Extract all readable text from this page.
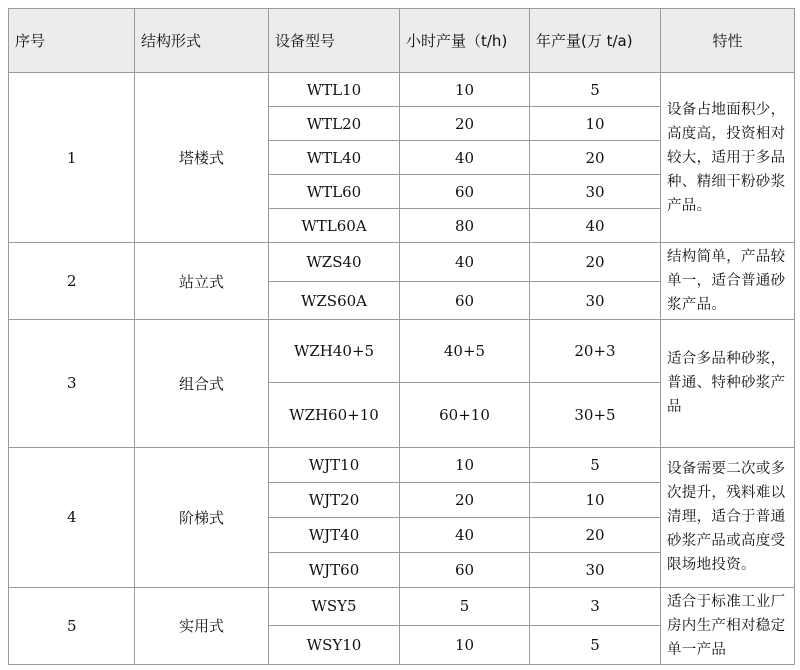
序号	结构形式	设备型号	小时产量（t/h)	年产量(万 t/a)	特性
1	塔楼式	WTL10	10	5	设备占地面积少，高度高，投资相对较大，适用于多品种、精细干粉砂浆产品。
		WTL20	20	10	
		WTL40	40	20	
		WTL60	60	30	
		WTL60A	80	40	
2	站立式	WZS40	40	20	结构简单，产品较单一，适合普通砂浆产品。
		WZS60A	60	30	
3	组合式	WZH40+5	40+5	20+3	适合多品种砂浆，普通、特种砂浆产品
		WZH60+10	60+10	30+5	
4	阶梯式	WJT10	10	5	设备需要二次或多次提升，残料难以清理，适合于普通砂浆产品或高度受限场地投资。
		WJT20	20	10	
		WJT40	40	20	
		WJT60	60	30	
5	实用式	WSY5	5	3	适合于标准工业厂房内生产相对稳定单一产品
		WSY10	10	5	
